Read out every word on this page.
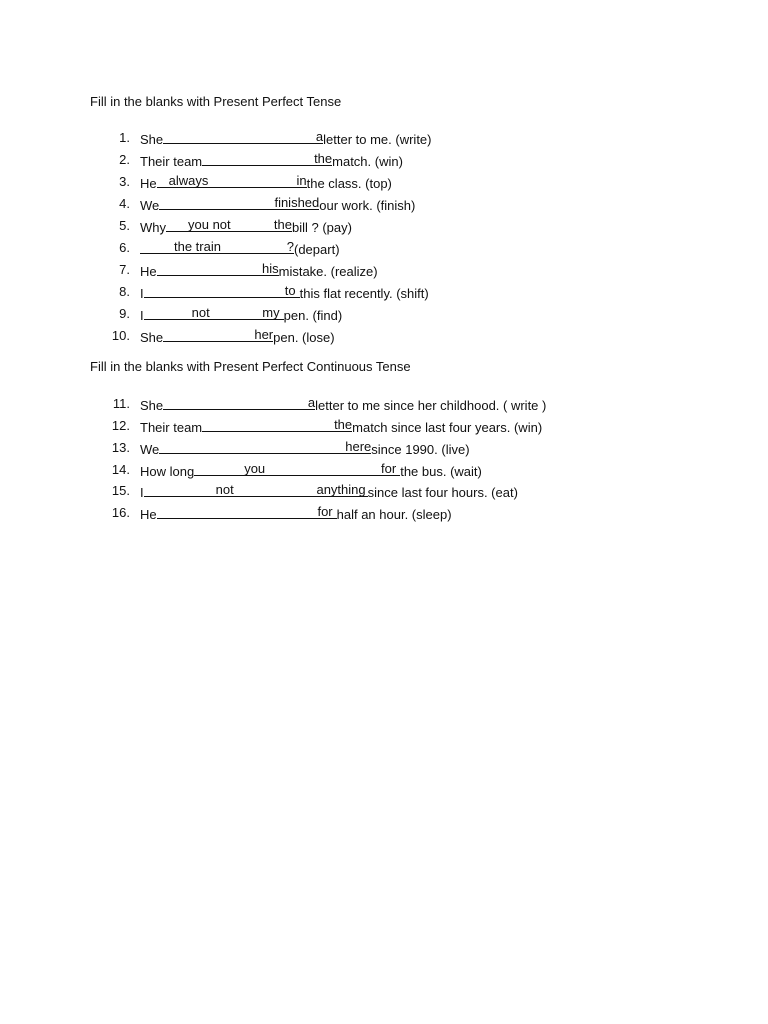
Fill in the blanks with Present Perfect Tense
1. She	a letter to me. (write)
2. Their team	the match. (win)
3. He always	in the class. (top)
4. We	finished our work. (finish)
5. Why you not	the bill ? (pay)
6.	the train	? (depart)
7. He	his mistake. (realize)
8. I	to this flat recently. (shift)
9. I	not	my pen. (find)
10. She	her pen. (lose)
Fill in the blanks with Present Perfect Continuous Tense
11. She	a letter to me since her childhood. ( write )
12. Their team	the match since last four years. (win)
13. We	here since 1990. (live)
14. How long	you	for the bus. (wait)
15. I	not	anything since last four hours. (eat)
16. He	for half an hour. (sleep)
